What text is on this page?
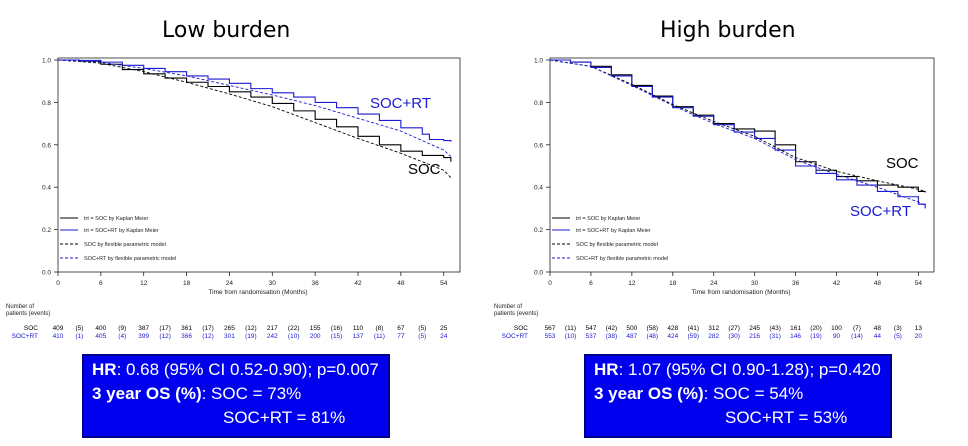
Low burden
0.0
0.2
0.4
0.6
0.8
1.0
0	6	12	18	24	30	36	42	48	54
Time from randomisation (Months)
SOC+RT
SOC
trt = SOC by Kaplan Meier
trt = SOC+RT by Kaplan Meier
SOC by flexible parametric model
SOC+RT by flexible parametric model
Number of
patients (events)
SOC 409 (5) 400 (9) 387 (17) 361 (17) 265 (12) 217 (22) 155 (16) 110 (8) 67 (5) 25
SOC+RT 410 (1) 405 (4) 399 (12) 366 (12) 301 (19) 242 (10) 200 (15) 137 (11) 77 (5) 24
HR: 0.68 (95% CI 0.52-0.90); p=0.007
3 year OS (%): SOC = 73%
SOC+RT = 81%
High burden
0.0
0.2
0.4
0.6
0.8
1.0
0	6	12	18	24	30	36	42	48	54
Time from randomisation (Months)
SOC
SOC+RT
trt = SOC by Kaplan Meier
trt = SOC+RT by Kaplan Meier
SOC by flexible parametric model
SOC+RT by flexible parametric model
Number of
patients (events)
SOC	567 (11) 547 (42) 500 (58) 428 (41) 312 (27) 245 (43) 161 (20) 100 (7) 48 (3) 13
SOC+RT	553 (10) 537 (38) 487 (48) 424 (59) 282 (30) 216 (31) 146 (19) 90 (14) 44 (5) 20
HR: 1.07 (95% CI 0.90-1.28); p=0.420
3 year OS (%): SOC = 54%
SOC+RT = 53%
